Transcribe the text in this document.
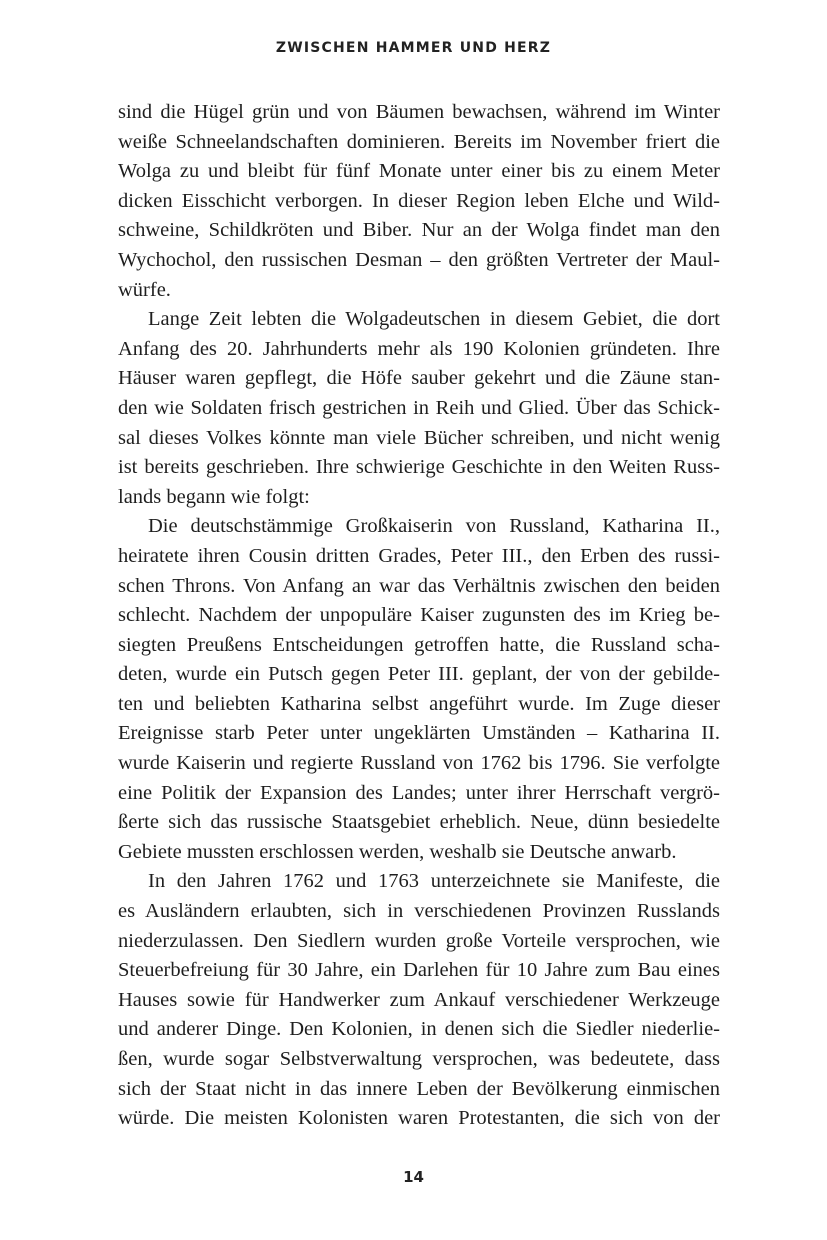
ZWISCHEN HAMMER UND HERZ
sind die Hügel grün und von Bäumen bewachsen, während im Winter
weiße Schneelandschaften dominieren. Bereits im November friert die
Wolga zu und bleibt für fünf Monate unter einer bis zu einem Meter
dicken Eisschicht verborgen. In dieser Region leben Elche und Wild-
schweine, Schildkröten und Biber. Nur an der Wolga findet man den
Wychochol, den russischen Desman – den größten Vertreter der Maul-
würfe.
Lange Zeit lebten die Wolgadeutschen in diesem Gebiet, die dort
Anfang des 20. Jahrhunderts mehr als 190 Kolonien gründeten. Ihre
Häuser waren gepflegt, die Höfe sauber gekehrt und die Zäune stan-
den wie Soldaten frisch gestrichen in Reih und Glied. Über das Schick-
sal dieses Volkes könnte man viele Bücher schreiben, und nicht wenig
ist bereits geschrieben. Ihre schwierige Geschichte in den Weiten Russ-
lands begann wie folgt:
Die deutschstämmige Großkaiserin von Russland, Katharina II.,
heiratete ihren Cousin dritten Grades, Peter III., den Erben des russi-
schen Throns. Von Anfang an war das Verhältnis zwischen den beiden
schlecht. Nachdem der unpopuläre Kaiser zugunsten des im Krieg be-
siegten Preußens Entscheidungen getroffen hatte, die Russland scha-
deten, wurde ein Putsch gegen Peter III. geplant, der von der gebilde-
ten und beliebten Katharina selbst angeführt wurde. Im Zuge dieser
Ereignisse starb Peter unter ungeklärten Umständen – Katharina II.
wurde Kaiserin und regierte Russland von 1762 bis 1796. Sie verfolgte
eine Politik der Expansion des Landes; unter ihrer Herrschaft vergrö-
ßerte sich das russische Staatsgebiet erheblich. Neue, dünn besiedelte
Gebiete mussten erschlossen werden, weshalb sie Deutsche anwarb.
In den Jahren 1762 und 1763 unterzeichnete sie Manifeste, die
es Ausländern erlaubten, sich in verschiedenen Provinzen Russlands
niederzulassen. Den Siedlern wurden große Vorteile versprochen, wie
Steuerbefreiung für 30 Jahre, ein Darlehen für 10 Jahre zum Bau eines
Hauses sowie für Handwerker zum Ankauf verschiedener Werkzeuge
und anderer Dinge. Den Kolonien, in denen sich die Siedler niederlie-
ßen, wurde sogar Selbstverwaltung versprochen, was bedeutete, dass
sich der Staat nicht in das innere Leben der Bevölkerung einmischen
würde. Die meisten Kolonisten waren Protestanten, die sich von der
14
